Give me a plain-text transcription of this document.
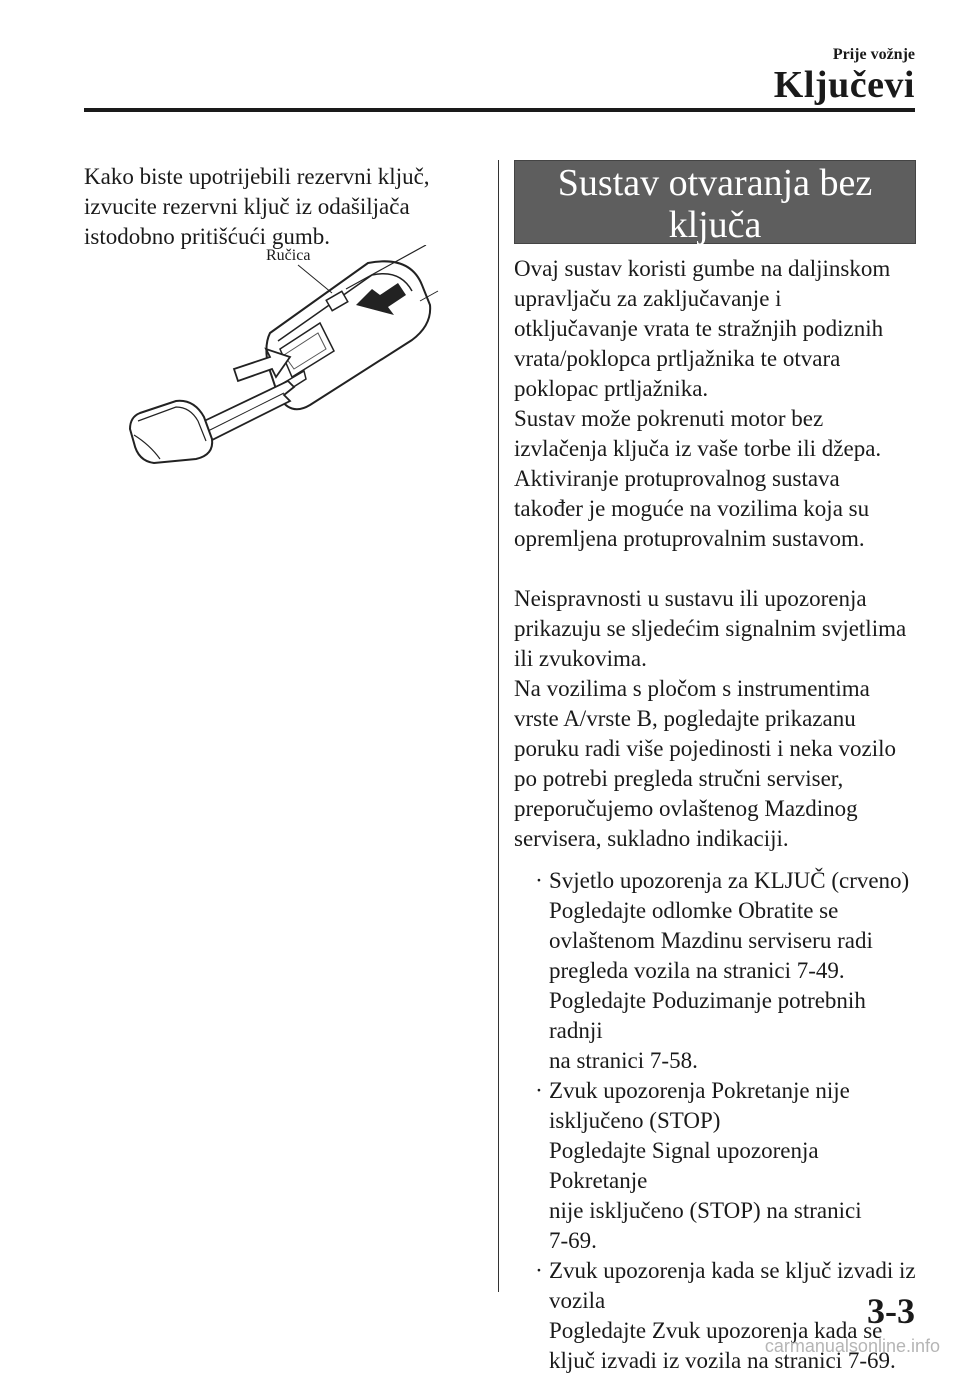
Prije vožnje
Ključevi

Kako biste upotrijebili rezervni ključ,

izvucite rezervni ključ iz odašiljača

istodobno pritišćući gumb.

Ručica
Sustav otvaranja bez
ključa

Ovaj sustav koristi gumbe na daljinskom

upravljaču za zaključavanje i

otključavanje vrata te stražnjih podiznih

vrata/poklopca prtljažnika te otvara

poklopac prtljažnika.

Sustav može pokrenuti motor bez

izvlačenja ključa iz vaše torbe ili džepa.

Aktiviranje protuprovalnog sustava

također je moguće na vozilima koja su

opremljena protuprovalnim sustavom.

Neispravnosti u sustavu ili upozorenja

prikazuju se sljedećim signalnim svjetlima

ili zvukovima.

Na vozilima s pločom s instrumentima

vrste A/vrste B, pogledajte prikazanu

poruku radi više pojedinosti i neka vozilo

po potrebi pregleda stručni serviser,

preporučujemo ovlaštenog Mazdinog

servisera, sukladno indikaciji.

· Svjetlo upozorenja za KLJUČ (crveno)
Pogledajte odlomke Obratite se
ovlaštenom Mazdinu serviseru radi
pregleda vozila na stranici 7-49.
Pogledajte Poduzimanje potrebnih radnji
na stranici 7-58.
· Zvuk upozorenja Pokretanje nije
isključeno (STOP)
Pogledajte Signal upozorenja Pokretanje
nije isključeno (STOP) na stranici
7-69.
· Zvuk upozorenja kada se ključ izvadi iz
vozila
Pogledajte Zvuk upozorenja kada se
ključ izvadi iz vozila na stranici 7-69.
3-3
carmanualsonline.info
